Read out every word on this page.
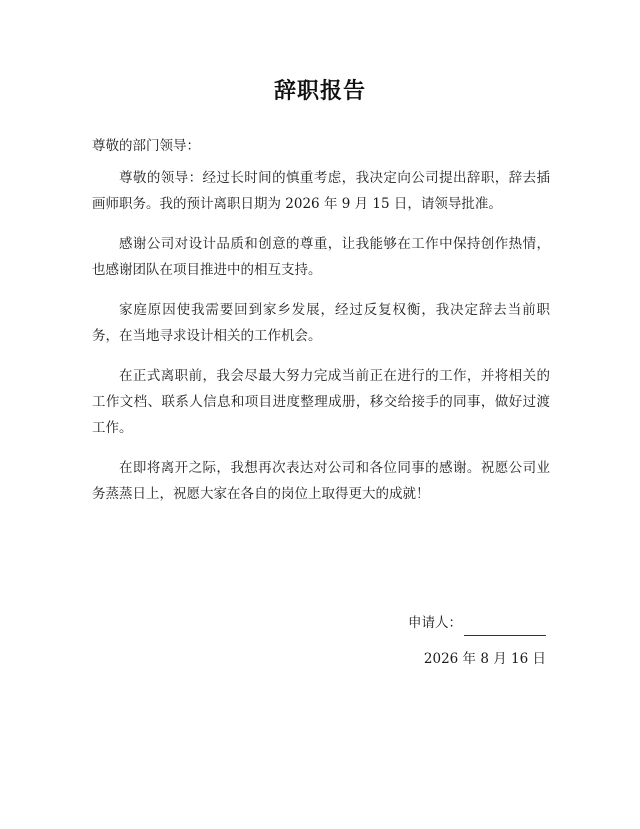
辞职报告

尊敬的部门领导：

尊敬的领导：经过长时间的慎重考虑，我决定向公司提出辞职，辞去插画师职务。我的预计离职日期为 2026 年 9 月 15 日，请领导批准。

感谢公司对设计品质和创意的尊重，让我能够在工作中保持创作热情，也感谢团队在项目推进中的相互支持。

家庭原因使我需要回到家乡发展，经过反复权衡，我决定辞去当前职务，在当地寻求设计相关的工作机会。

在正式离职前，我会尽最大努力完成当前正在进行的工作，并将相关的工作文档、联系人信息和项目进度整理成册，移交给接手的同事，做好过渡工作。

在即将离开之际，我想再次表达对公司和各位同事的感谢。祝愿公司业务蒸蒸日上，祝愿大家在各自的岗位上取得更大的成就！

申请人：
2026 年 8 月 16 日
